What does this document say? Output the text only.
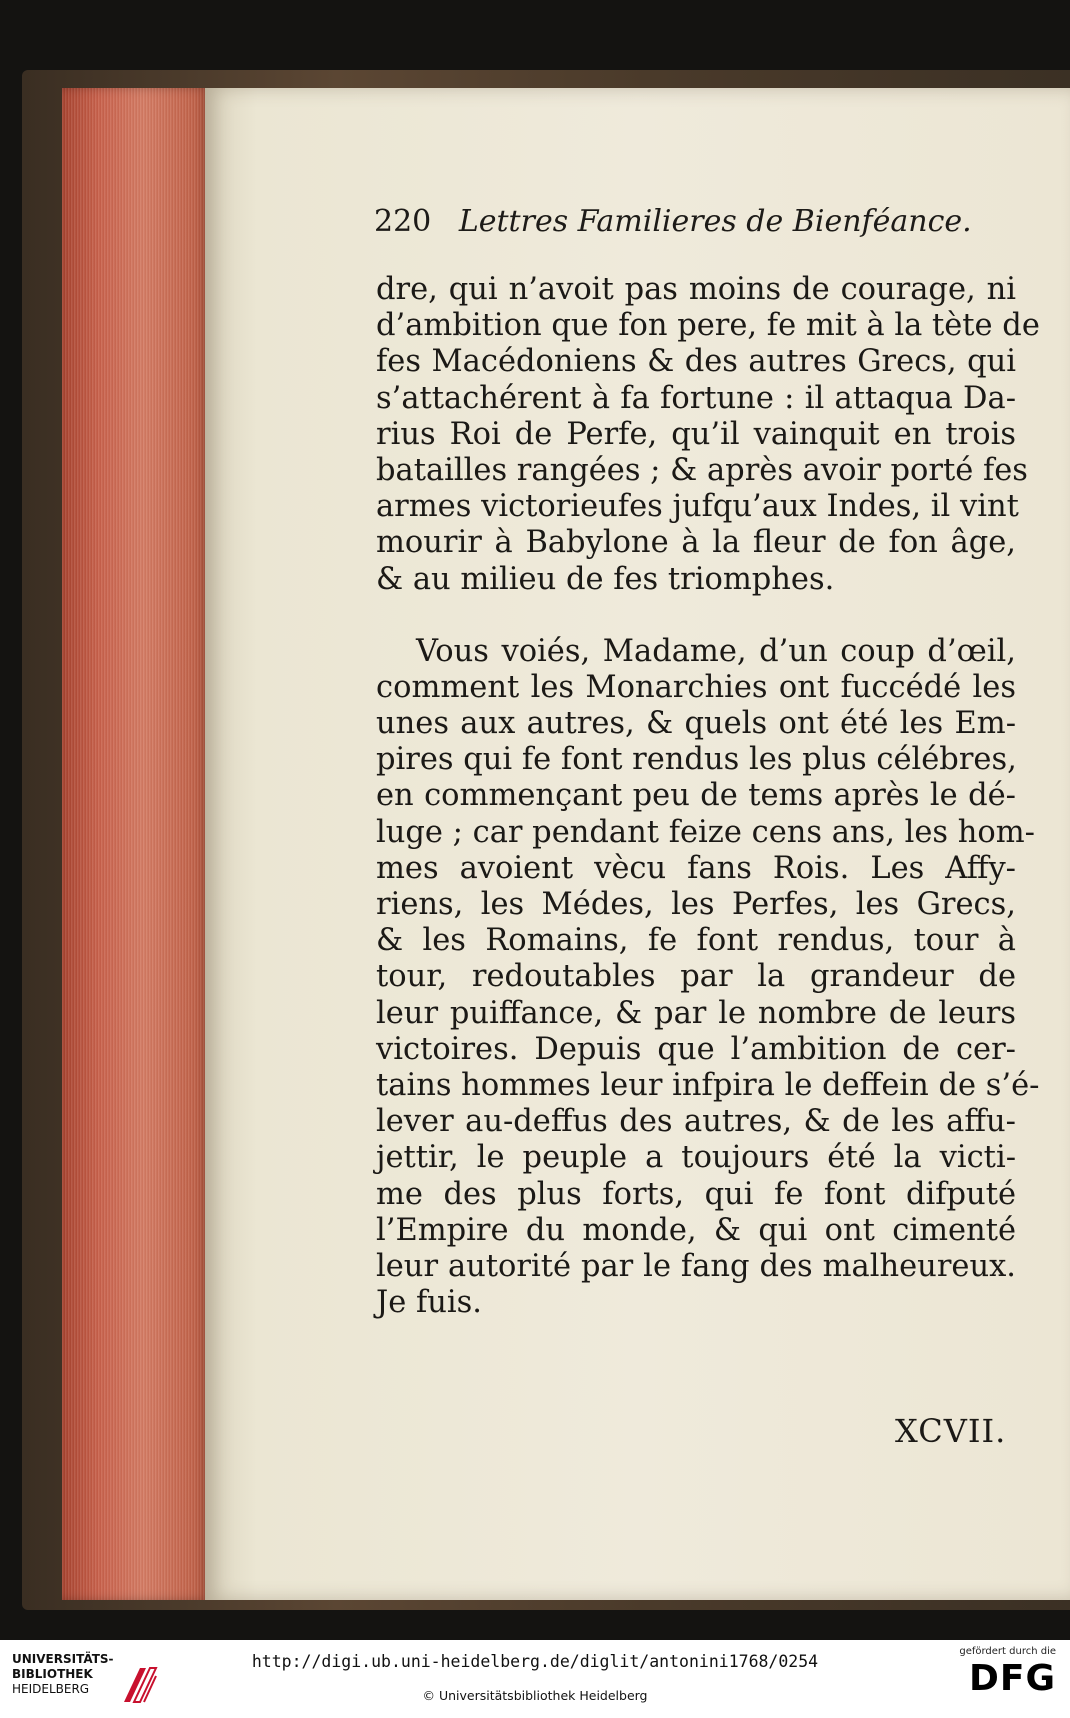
220 Lettres Familieres de Bienféance.

dre, qui n’avoit pas moins de courage, ni
d’ambition que fon pere, fe mit à la tète de
fes Macédoniens & des autres Grecs, qui
s’attachérent à fa fortune : il attaqua Da-
rius Roi de Perfe, qu’il vainquit en trois
batailles rangées ; & après avoir porté fes
armes victorieufes jufqu’aux Indes, il vint
mourir à Babylone à la fleur de fon âge,
& au milieu de fes triomphes.

Vous voiés, Madame, d’un coup d’œil,
comment les Monarchies ont fuccédé les
unes aux autres, & quels ont été les Em-
pires qui fe font rendus les plus célébres,
en commençant peu de tems après le dé-
luge ; car pendant feize cens ans, les hom-
mes avoient vècu fans Rois. Les Affy-
riens, les Médes, les Perfes, les Grecs,
& les Romains, fe font rendus, tour à
tour, redoutables par la grandeur de
leur puiffance, & par le nombre de leurs
victoires. Depuis que l’ambition de cer-
tains hommes leur infpira le deffein de s’é-
lever au-deffus des autres, & de les affu-
jettir, le peuple a toujours été la victi-
me des plus forts, qui fe font difputé
l’Empire du monde, & qui ont cimenté
leur autorité par le fang des malheureux.
Je fuis.

XCVII.
UNIVERSITÄTS-
BIBLIOTHEK
HEIDELBERG
http://digi.ub.uni-heidelberg.de/diglit/antonini1768/0254
© Universitätsbibliothek Heidelberg
gefördert durch die
DFG
